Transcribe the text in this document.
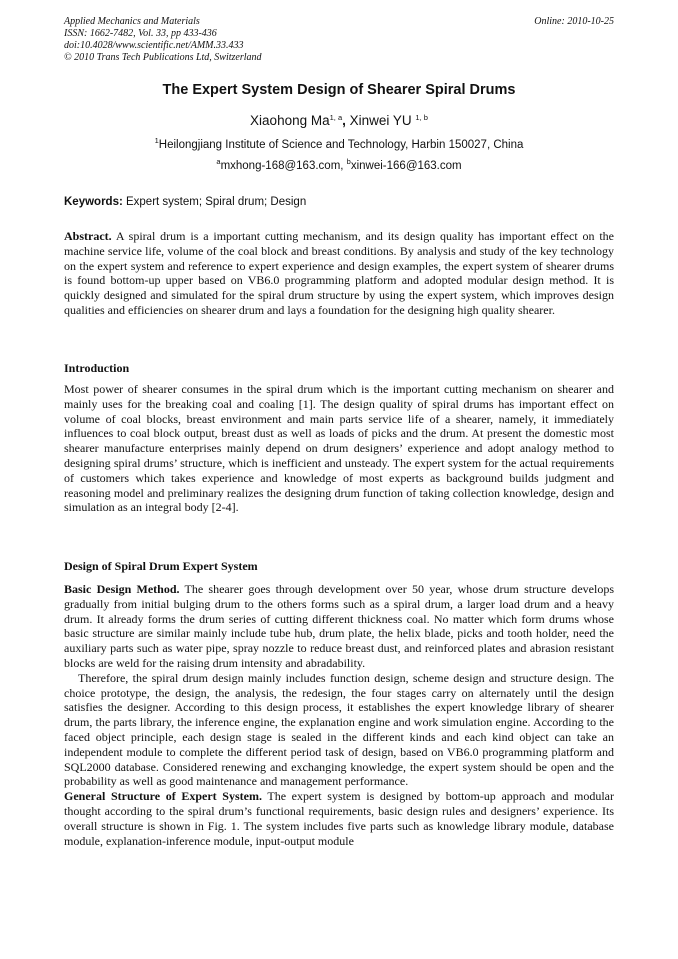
Applied Mechanics and Materials
ISSN: 1662-7482, Vol. 33, pp 433-436
doi:10.4028/www.scientific.net/AMM.33.433
© 2010 Trans Tech Publications Ltd, Switzerland
Online: 2010-10-25
The Expert System Design of Shearer Spiral Drums
Xiaohong Ma$^{1, a}$, Xinwei YU $^{1, b}$
$^1$Heilongjiang Institute of Science and Technology, Harbin 150027, China
$^a$mxhong-168@163.com, $^b$xinwei-166@163.com
Keywords: Expert system; Spiral drum; Design

Abstract. A spiral drum is a important cutting mechanism, and its design quality has important effect on the machine service life, volume of the coal block and breast conditions. By analysis and study of the key technology on the expert system and reference to expert experience and design examples, the expert system of shearer drums is found bottom-up upper based on VB6.0 programming platform and adopted modular design method. It is quickly designed and simulated for the spiral drum structure by using the expert system, which improves design qualities and efficiencies on shearer drum and lays a foundation for the designing high quality shearer.

Introduction

Most power of shearer consumes in the spiral drum which is the important cutting mechanism on shearer and mainly uses for the breaking coal and coaling [1]. The design quality of spiral drums has important effect on volume of coal blocks, breast environment and main parts service life of a shearer, namely, it immediately influences to coal block output, breast dust as well as loads of picks and the drum. At present the domestic most shearer manufacture enterprises mainly depend on drum designers’ experience and adopt analogy method to designing spiral drums’ structure, which is inefficient and unsteady. The expert system for the actual requirements of customers which takes experience and knowledge of most experts as background builds judgment and reasoning model and preliminary realizes the designing drum function of taking collection knowledge, design and simulation as an integral body [2-4].

Design of Spiral Drum Expert System

Basic Design Method. The shearer goes through development over 50 year, whose drum structure develops gradually from initial bulging drum to the others forms such as a spiral drum, a larger load drum and a heavy drum. It already forms the drum series of cutting different thickness coal. No matter which form drums whose basic structure are similar mainly include tube hub, drum plate, the helix blade, picks and tooth holder, need the auxiliary parts such as water pipe, spray nozzle to reduce breast dust, and reinforced plates and abrasion resistant blocks are weld for the raising drum intensity and abradability.

Therefore, the spiral drum design mainly includes function design, scheme design and structure design. The choice prototype, the design, the analysis, the redesign, the four stages carry on alternately until the design satisfies the designer. According to this design process, it establishes the expert knowledge library of shearer drum, the parts library, the inference engine, the explanation engine and work simulation engine. According to the faced object principle, each design stage is sealed in the different kinds and each kind object can take an independent module to complete the different period task of design, based on VB6.0 programming platform and SQL2000 database. Considered renewing and exchanging knowledge, the expert system should be open and the probability as well as good maintenance and management performance.

General Structure of Expert System. The expert system is designed by bottom-up approach and modular thought according to the spiral drum’s functional requirements, basic design rules and designers’ experience. Its overall structure is shown in Fig. 1. The system includes five parts such as knowledge library module, database module, explanation-inference module, input-output module
